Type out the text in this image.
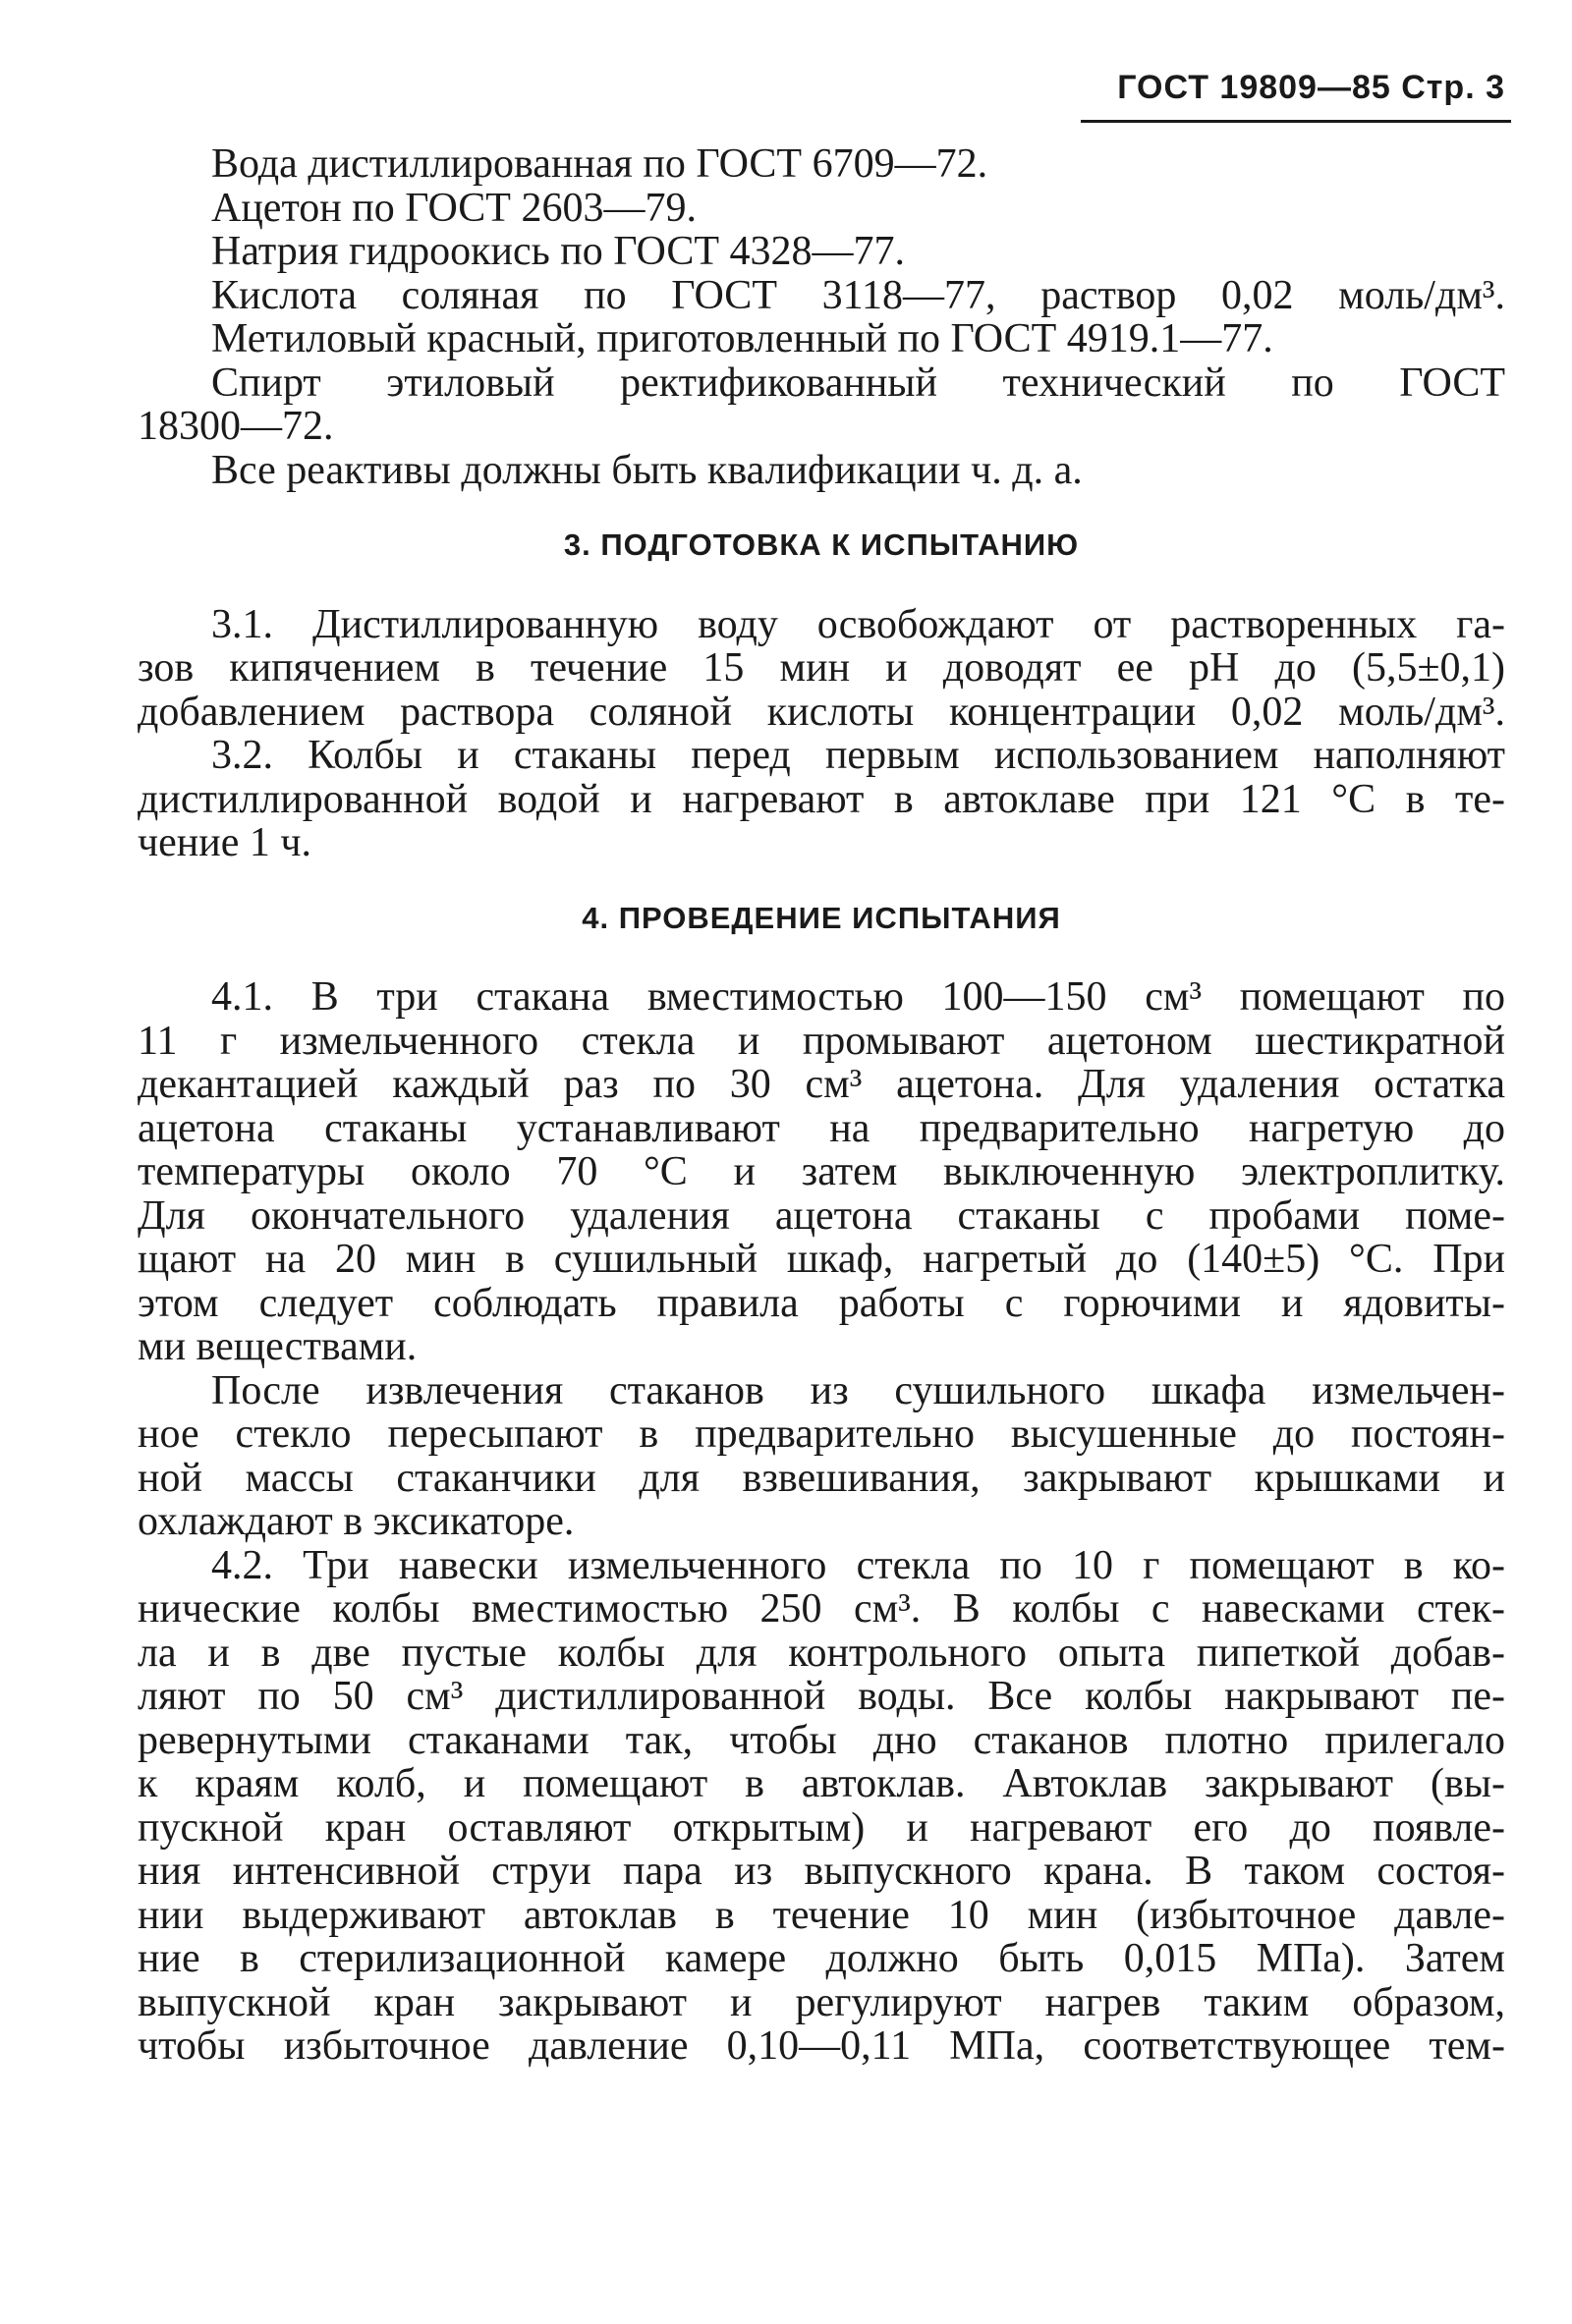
ГОСТ 19809—85 Стр. 3
Вода дистиллированная по ГОСТ 6709—72.
Ацетон по ГОСТ 2603—79.
Натрия гидроокись по ГОСТ 4328—77.
Кислота соляная по ГОСТ 3118—77, раствор 0,02 моль/дм³.
Метиловый красный, приготовленный по ГОСТ 4919.1—77.
Спирт этиловый ректификованный технический по ГОСТ
18300—72.
Все реактивы должны быть квалификации ч. д. а.
3. ПОДГОТОВКА К ИСПЫТАНИЮ
3.1. Дистиллированную воду освобождают от растворенных га-
зов кипячением в течение 15 мин и доводят ее рН до (5,5±0,1)
добавлением раствора соляной кислоты концентрации 0,02 моль/дм³.
3.2. Колбы и стаканы перед первым использованием наполняют
дистиллированной водой и нагревают в автоклаве при 121 °С в те-
чение 1 ч.
4. ПРОВЕДЕНИЕ ИСПЫТАНИЯ
4.1. В три стакана вместимостью 100—150 см³ помещают по
11 г измельченного стекла и промывают ацетоном шестикратной
декантацией каждый раз по 30 см³ ацетона. Для удаления остатка
ацетона стаканы устанавливают на предварительно нагретую до
температуры около 70 °С и затем выключенную электроплитку.
Для окончательного удаления ацетона стаканы с пробами поме-
щают на 20 мин в сушильный шкаф, нагретый до (140±5) °С. При
этом следует соблюдать правила работы с горючими и ядовиты-
ми веществами.
После извлечения стаканов из сушильного шкафа измельчен-
ное стекло пересыпают в предварительно высушенные до постоян-
ной массы стаканчики для взвешивания, закрывают крышками и
охлаждают в эксикаторе.
4.2. Три навески измельченного стекла по 10 г помещают в ко-
нические колбы вместимостью 250 см³. В колбы с навесками стек-
ла и в две пустые колбы для контрольного опыта пипеткой добав-
ляют по 50 см³ дистиллированной воды. Все колбы накрывают пе-
ревернутыми стаканами так, чтобы дно стаканов плотно прилегало
к краям колб, и помещают в автоклав. Автоклав закрывают (вы-
пускной кран оставляют открытым) и нагревают его до появле-
ния интенсивной струи пара из выпускного крана. В таком состоя-
нии выдерживают автоклав в течение 10 мин (избыточное давле-
ние в стерилизационной камере должно быть 0,015 МПа). Затем
выпускной кран закрывают и регулируют нагрев таким образом,
чтобы избыточное давление 0,10—0,11 МПа, соответствующее тем-
